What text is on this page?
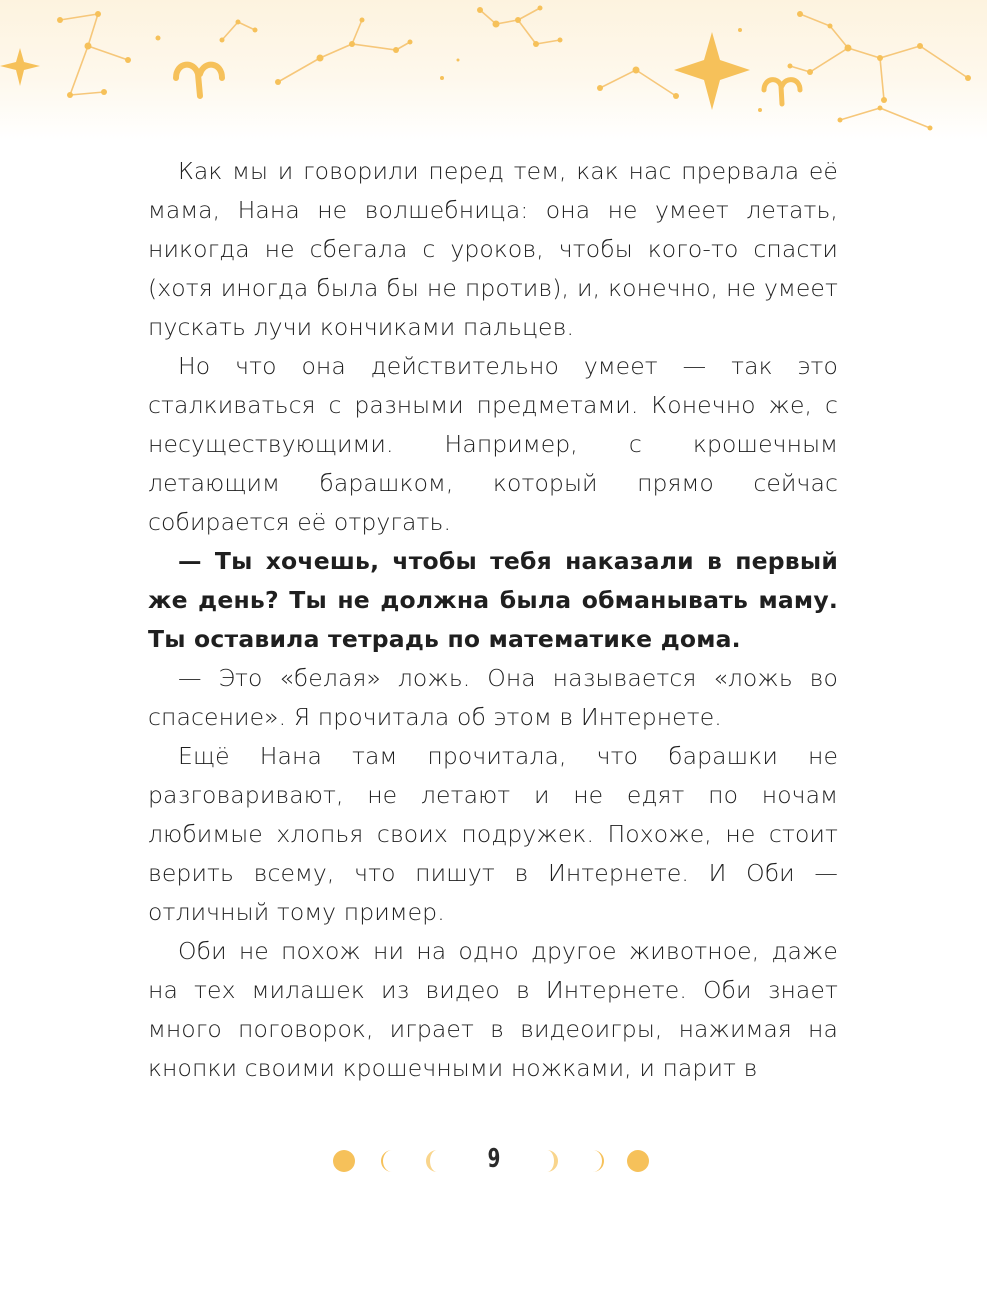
Как мы и говорили перед тем, как нас прервала её мама, Нана не волшебница: она не умеет летать, никогда не сбегала с уроков, чтобы кого-то спасти (хотя иногда была бы не против), и, конечно, не умеет пускать лучи кончиками пальцев.

Но что она действительно умеет — так это сталкиваться с разными предметами. Конечно же, с несуществующими. Например, с крошечным летающим барашком, который прямо сейчас собирается её отругать.

— Ты хочешь, чтобы тебя наказали в первый же день? Ты не должна была обманывать маму. Ты оставила тетрадь по математике дома.

— Это «белая» ложь. Она называется «ложь во спасение». Я прочитала об этом в Интернете.

Ещё Нана там прочитала, что барашки не разговаривают, не летают и не едят по ночам любимые хлопья своих подружек. Похоже, не стоит верить всему, что пишут в Интернете. И Оби — отличный тому пример.

Оби не похож ни на одно другое животное, даже на тех милашек из видео в Интернете. Оби знает много поговорок, играет в видеоигры, нажимая на кнопки своими крошечными ножками, и парит в

9
